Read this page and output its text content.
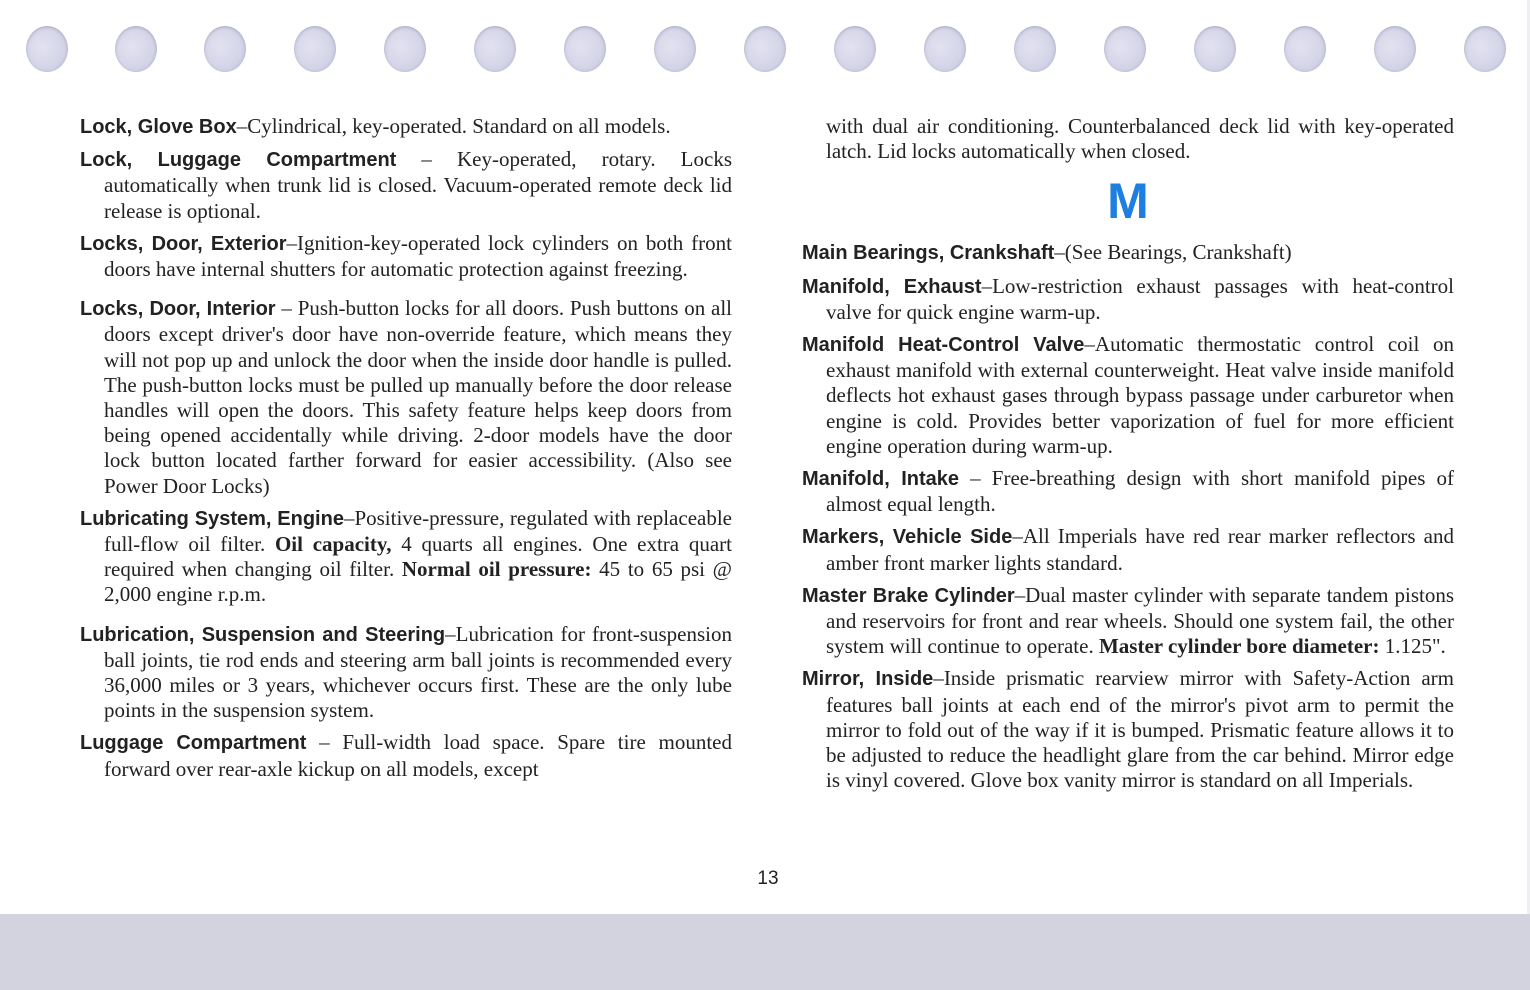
Lock, Glove Box–Cylindrical, key-operated. Standard on all models.

Lock, Luggage Compartment – Key-operated, rotary. Locks automatically when trunk lid is closed. Vacuum-operated remote deck lid release is optional.

Locks, Door, Exterior–Ignition-key-operated lock cylinders on both front doors have internal shutters for automatic protection against freezing.

Locks, Door, Interior – Push-button locks for all doors. Push buttons on all doors except driver's door have non-override feature, which means they will not pop up and unlock the door when the inside door handle is pulled. The push-button locks must be pulled up manually before the door release handles will open the doors. This safety feature helps keep doors from being opened accidentally while driving. 2-door models have the door lock button located farther forward for easier accessibility. (Also see Power Door Locks)

Lubricating System, Engine–Positive-pressure, regulated with replaceable full-flow oil filter. Oil capacity, 4 quarts all engines. One extra quart required when changing oil filter. Normal oil pressure: 45 to 65 psi @ 2,000 engine r.p.m.

Lubrication, Suspension and Steering–Lubrication for front-suspension ball joints, tie rod ends and steering arm ball joints is recommended every 36,000 miles or 3 years, whichever occurs first. These are the only lube points in the suspension system.

Luggage Compartment – Full-width load space. Spare tire mounted forward over rear-axle kickup on all models, except

with dual air conditioning. Counterbalanced deck lid with key-operated latch. Lid locks automatically when closed.

M

Main Bearings, Crankshaft–(See Bearings, Crankshaft)

Manifold, Exhaust–Low-restriction exhaust passages with heat-control valve for quick engine warm-up.

Manifold Heat-Control Valve–Automatic thermostatic control coil on exhaust manifold with external counterweight. Heat valve inside manifold deflects hot exhaust gases through bypass passage under carburetor when engine is cold. Provides better vaporization of fuel for more efficient engine operation during warm-up.

Manifold, Intake – Free-breathing design with short manifold pipes of almost equal length.

Markers, Vehicle Side–All Imperials have red rear marker reflectors and amber front marker lights standard.

Master Brake Cylinder–Dual master cylinder with separate tandem pistons and reservoirs for front and rear wheels. Should one system fail, the other system will continue to operate. Master cylinder bore diameter: 1.125".

Mirror, Inside–Inside prismatic rearview mirror with Safety-Action arm features ball joints at each end of the mirror's pivot arm to permit the mirror to fold out of the way if it is bumped. Prismatic feature allows it to be adjusted to reduce the headlight glare from the car behind. Mirror edge is vinyl covered. Glove box vanity mirror is standard on all Imperials.

13
